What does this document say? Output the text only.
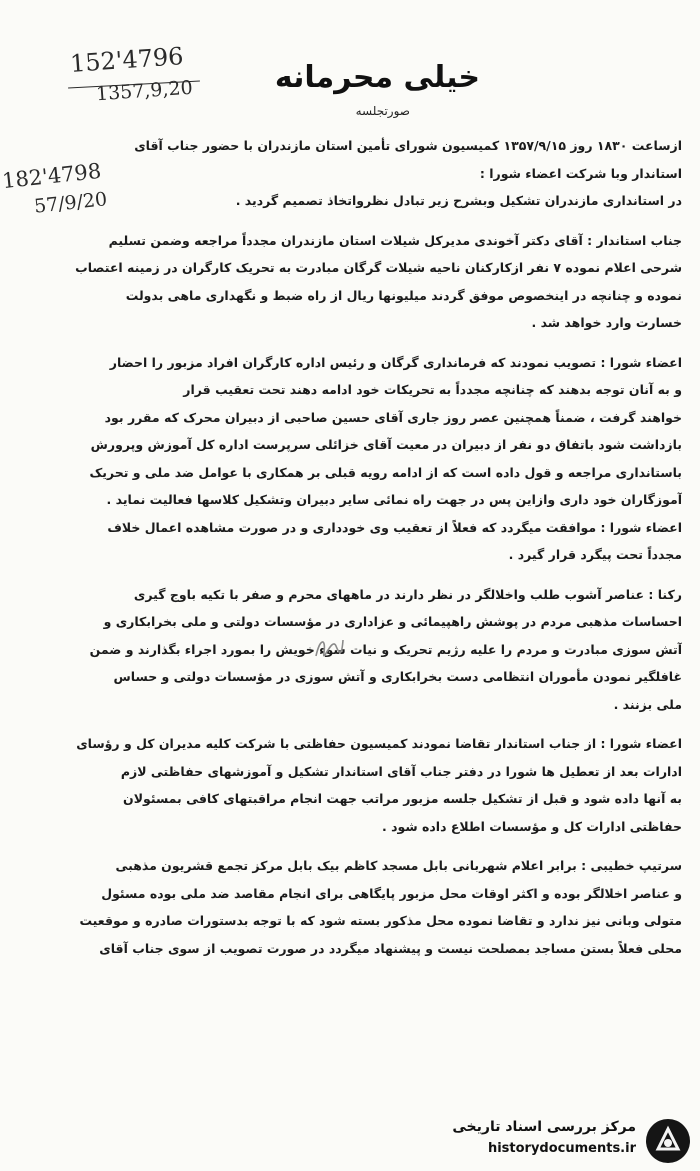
152'4796
1357,9,20
182'4798
57/9/20
خیلی محرمانه
صورتجلسه
ازساعت ۱۸۳۰ روز ۱۳۵۷/۹/۱۵ کمیسیون شورای تأمین استان مازندران با حضور جناب آقای
استاندار وبا شرکت اعضاء شورا :
در استانداری مازندران تشکیل وبشرح زیر تبادل نظرواتخاذ تصمیم گردید .
جناب استاندار : آقای دکتر آخوندی مدیرکل شیلات استان مازندران مجدداً مراجعه وضمن تسلیم
شرحی اعلام نموده ۷ نفر ازکارکنان ناحیه شیلات گرگان مبادرت به تحریک کارگران در زمینه اعتصاب
نموده و چنانچه در اینخصوص موفق گردند میلیونها ریال از راه ضبط و نگهداری ماهی بدولت
خسارت وارد خواهد شد .
اعضاء شورا : تصویب نمودند که فرمانداری گرگان و رئیس اداره کارگران افراد مزبور را احضار
و به آنان توجه بدهند که چنانچه مجدداً به تحریکات خود ادامه دهند تحت تعقیب قرار
خواهند گرفت ، ضمناً همچنین عصر روز جاری آقای حسین صاحبی از دبیران محرک که مقرر بود
بازداشت شود باتفاق دو نفر از دبیران در معیت آقای خزائلی سرپرست اداره کل آموزش وپرورش
باستانداری مراجعه و قول داده است که از ادامه رویه قبلی بر همکاری با عوامل ضد ملی و تحریک
آموزگاران خود داری وازاین پس در جهت راه نمائی سایر دبیران وتشکیل کلاسها فعالیت نماید .
اعضاء شورا : موافقت میگردد که فعلاً از تعقیب وی خودداری و در صورت مشاهده اعمال خلاف
مجدداً تحت پیگرد قرار گیرد .
رکنا : عناصر آشوب طلب واخلالگر در نظر دارند در ماههای محرم و صفر با تکیه باوج گیری
احساسات مذهبی مردم در پوشش راهپیمائی و عزاداری در مؤسسات دولتی و ملی بخرابکاری و
آتش سوزی مبادرت و مردم را علیه رژیم تحریک و نیات سوء خویش را بمورد اجراء بگذارند و ضمن
غافلگیر نمودن مأموران انتظامی دست بخرابکاری و آتش سوزی در مؤسسات دولتی و حساس
ملی بزنند .
اعضاء شورا : از جناب استاندار تقاضا نمودند کمیسیون حفاظتی با شرکت کلیه مدیران کل و رؤسای
ادارات بعد از تعطیل ها شورا در دفتر جناب آقای استاندار تشکیل و آموزشهای حفاظتی لازم
به آنها داده شود و قبل از تشکیل جلسه مزبور مراتب جهت انجام مراقبتهای کافی بمسئولان
حفاظتی ادارات کل و مؤسسات اطلاع داده شود .
سرتیپ خطیبی : برابر اعلام شهربانی بابل مسجد کاظم بیک بابل مرکز تجمع قشریون مذهبی
و عناصر اخلالگر بوده و اکثر اوقات محل مزبور پایگاهی برای انجام مقاصد ضد ملی بوده مسئول
متولی وبانی نیز ندارد و تقاضا نموده محل مذکور بسته شود که با توجه بدستورات صادره و موقعیت
محلی فعلاً بستن مساجد بمصلحت نیست و پیشنهاد میگردد در صورت تصویب از سوی جناب آقای
مرکز بررسی اسناد تاریخی
historydocuments.ir
